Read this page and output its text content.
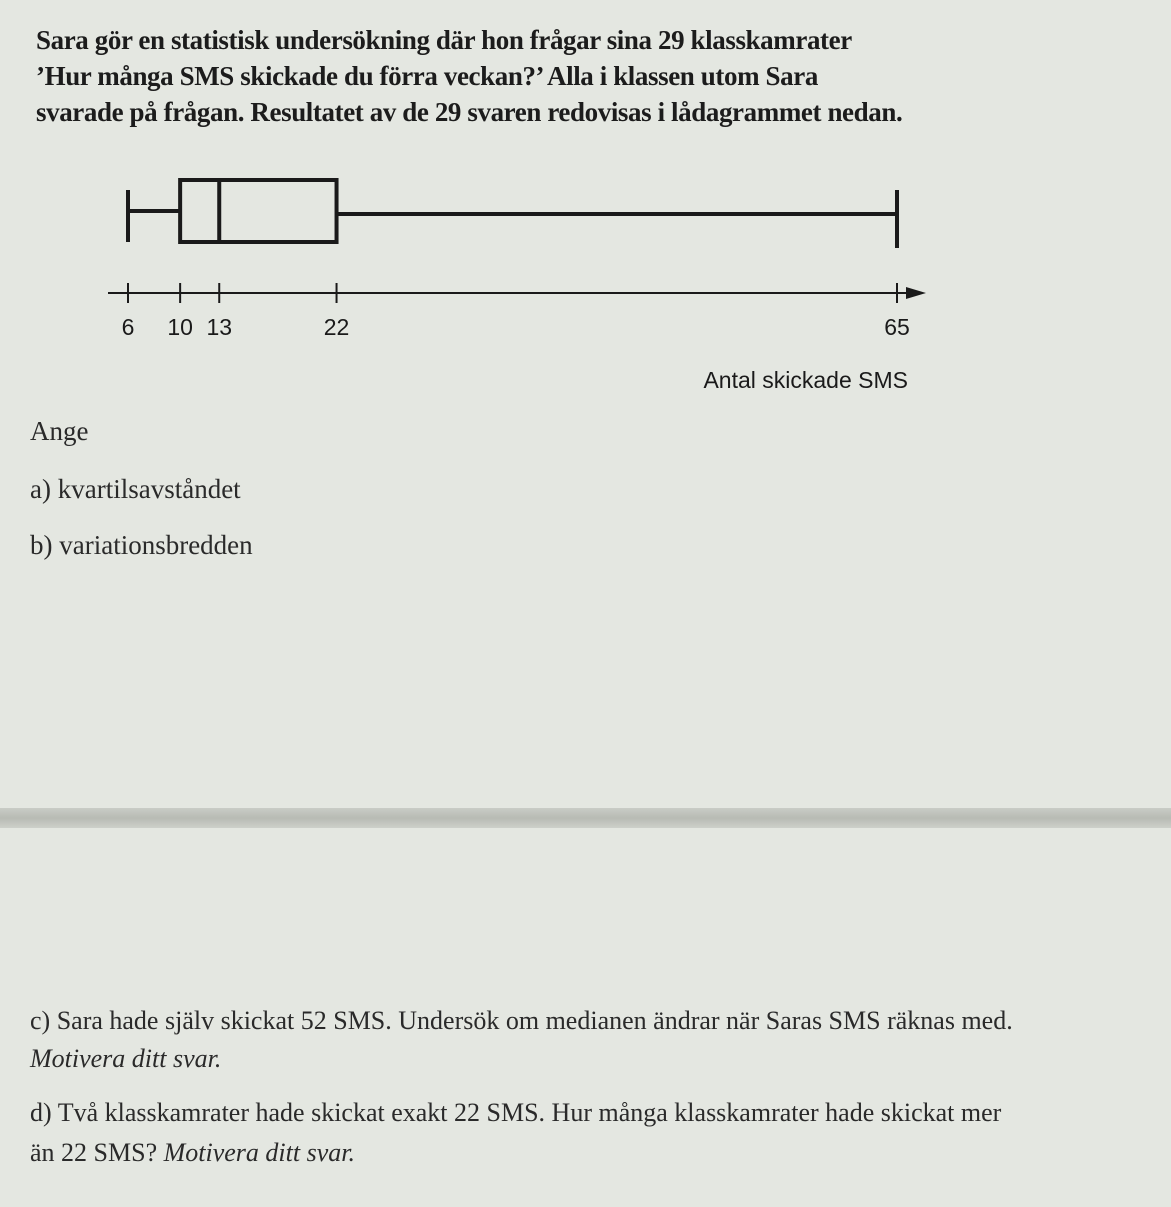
Sara gör en statistisk undersökning där hon frågar sina 29 klasskamrater
’Hur många SMS skickade du förra veckan?’ Alla i klassen utom Sara
svarade på frågan. Resultatet av de 29 svaren redovisas i lådagrammet nedan.
6 10 13	22	65
Antal skickade SMS
Ange
a) kvartilsavståndet
b) variationsbredden
c) Sara hade själv skickat 52 SMS. Undersök om medianen ändrar när Saras SMS räknas med.
Motivera ditt svar.
d) Två klasskamrater hade skickat exakt 22 SMS. Hur många klasskamrater hade skickat mer
än 22 SMS? Motivera ditt svar.
